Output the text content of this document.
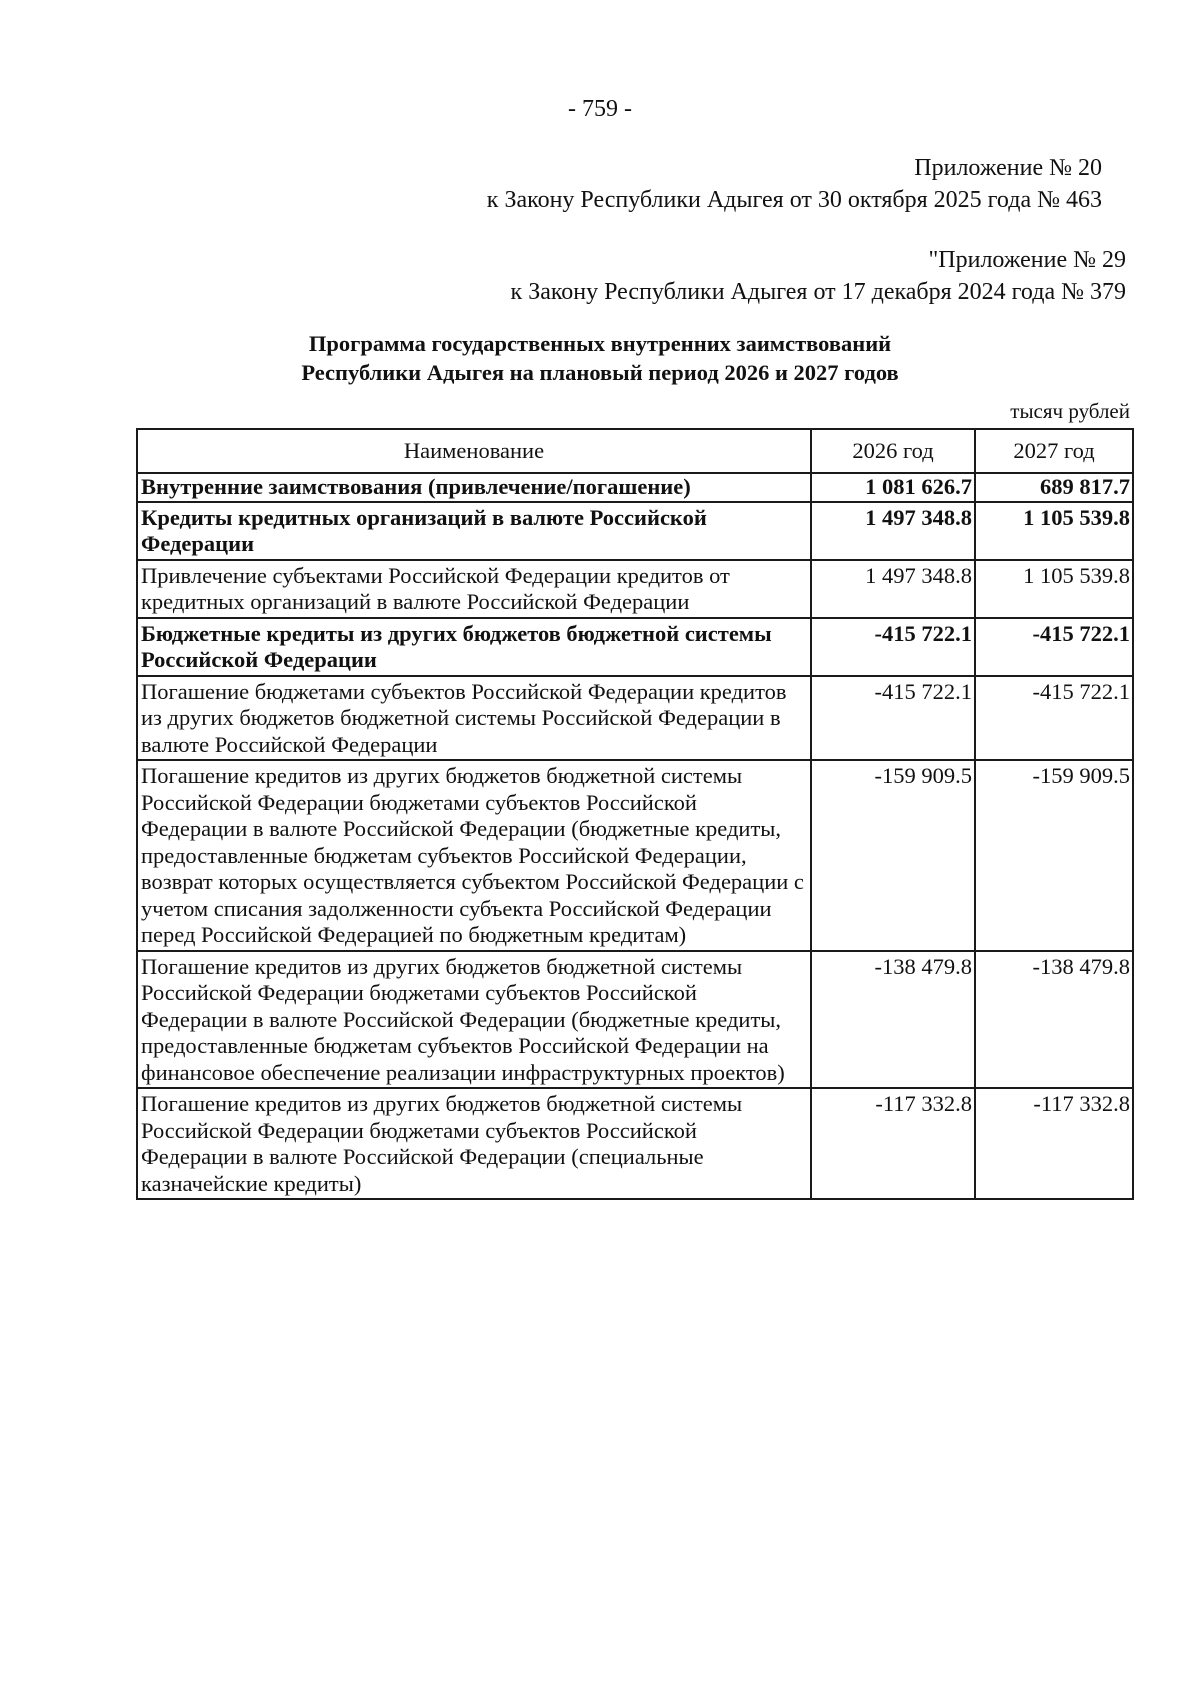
- 759 -
Приложение № 20
к Закону Республики Адыгея от 30 октября 2025 года № 463
"Приложение № 29
к Закону Республики Адыгея от 17 декабря 2024 года № 379
Программа государственных внутренних заимствований
Республики Адыгея на плановый период 2026 и 2027 годов
тысяч рублей
Наименование	2026 год	2027 год
Внутренние заимствования (привлечение/погашение)	1 081 626.7	689 817.7
Кредиты кредитных организаций в валюте Российской Федерации	1 497 348.8	1 105 539.8
Привлечение субъектами Российской Федерации кредитов от кредитных организаций в валюте Российской Федерации	1 497 348.8	1 105 539.8
Бюджетные кредиты из других бюджетов бюджетной системы Российской Федерации	-415 722.1	-415 722.1
Погашение бюджетами субъектов Российской Федерации кредитов из других бюджетов бюджетной системы Российской Федерации в валюте Российской Федерации	-415 722.1	-415 722.1
Погашение кредитов из других бюджетов бюджетной системы Российской Федерации бюджетами субъектов Российской Федерации в валюте Российской Федерации (бюджетные кредиты, предоставленные бюджетам субъектов Российской Федерации, возврат которых осуществляется субъектом Российской Федерации с учетом списания задолженности субъекта Российской Федерации перед Российской Федерацией по бюджетным кредитам)	-159 909.5	-159 909.5
Погашение кредитов из других бюджетов бюджетной системы Российской Федерации бюджетами субъектов Российской Федерации в валюте Российской Федерации (бюджетные кредиты, предоставленные бюджетам субъектов Российской Федерации на финансовое обеспечение реализации инфраструктурных проектов)	-138 479.8	-138 479.8
Погашение кредитов из других бюджетов бюджетной системы Российской Федерации бюджетами субъектов Российской Федерации в валюте Российской Федерации (специальные казначейские кредиты)	-117 332.8	-117 332.8
